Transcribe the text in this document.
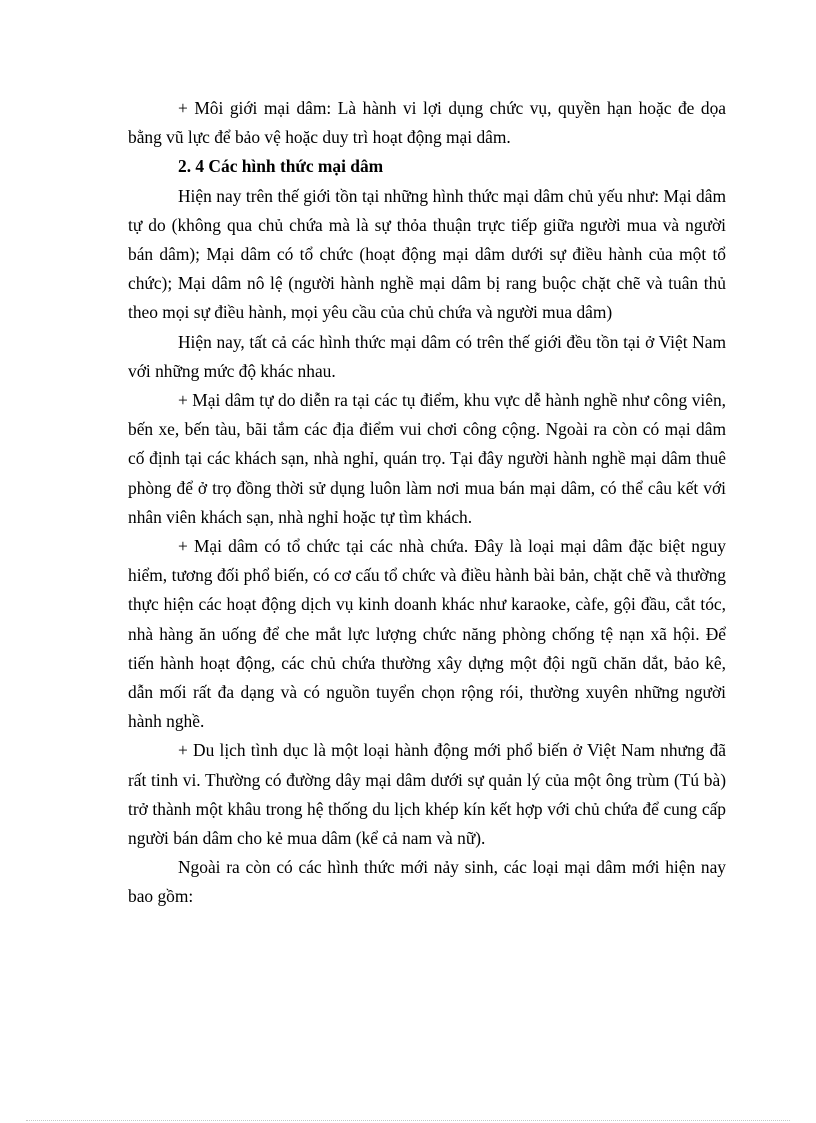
+ Môi giới mại dâm: Là hành vi lợi dụng chức vụ, quyền hạn hoặc đe dọa bằng vũ lực để bảo vệ hoặc duy trì hoạt động mại dâm.

2. 4 Các hình thức mại dâm

Hiện nay trên thế giới tồn tại những hình thức mại dâm chủ yếu như: Mại dâm tự do (không qua chủ chứa mà là sự thỏa thuận trực tiếp giữa người mua và người bán dâm); Mại dâm có tổ chức (hoạt động mại dâm dưới sự điều hành của một tổ chức); Mại dâm nô lệ (người hành nghề mại dâm bị rang buộc chặt chẽ và tuân thủ theo mọi sự điều hành, mọi yêu cầu của chủ chứa và người mua dâm)

Hiện nay, tất cả các hình thức mại dâm có trên thế giới đều tồn tại ở Việt Nam với những mức độ khác nhau.

+ Mại dâm tự do diễn ra tại các tụ điểm, khu vực dễ hành nghề như công viên, bến xe, bến tàu, bãi tắm các địa điểm vui chơi công cộng. Ngoài ra còn có mại dâm cố định tại các khách sạn, nhà nghỉ, quán trọ. Tại đây người hành nghề mại dâm thuê phòng để ở trọ đồng thời sử dụng luôn làm nơi mua bán mại dâm, có thể câu kết với nhân viên khách sạn, nhà nghỉ hoặc tự tìm khách.

+ Mại dâm có tổ chức tại các nhà chứa. Đây là loại mại dâm đặc biệt nguy hiểm, tương đối phổ biến, có cơ cấu tổ chức và điều hành bài bản, chặt chẽ và thường thực hiện các hoạt động dịch vụ kinh doanh khác như karaoke, càfe, gội đầu, cắt tóc, nhà hàng ăn uống để che mắt lực lượng chức năng phòng chống tệ nạn xã hội. Để tiến hành hoạt động, các chủ chứa thường xây dựng một đội ngũ chăn dắt, bảo kê, dẫn mối rất đa dạng và có nguồn tuyển chọn rộng rói, thường xuyên những người hành nghề.

+ Du lịch tình dục là một loại hành động mới phổ biến ở Việt Nam nhưng đã rất tinh vi. Thường có đường dây mại dâm dưới sự quản lý của một ông trùm (Tú bà) trở thành một khâu trong hệ thống du lịch khép kín kết hợp với chủ chứa để cung cấp người bán dâm cho kẻ mua dâm (kể cả nam và nữ).

Ngoài ra còn có các hình thức mới nảy sinh, các loại mại dâm mới hiện nay bao gồm:
